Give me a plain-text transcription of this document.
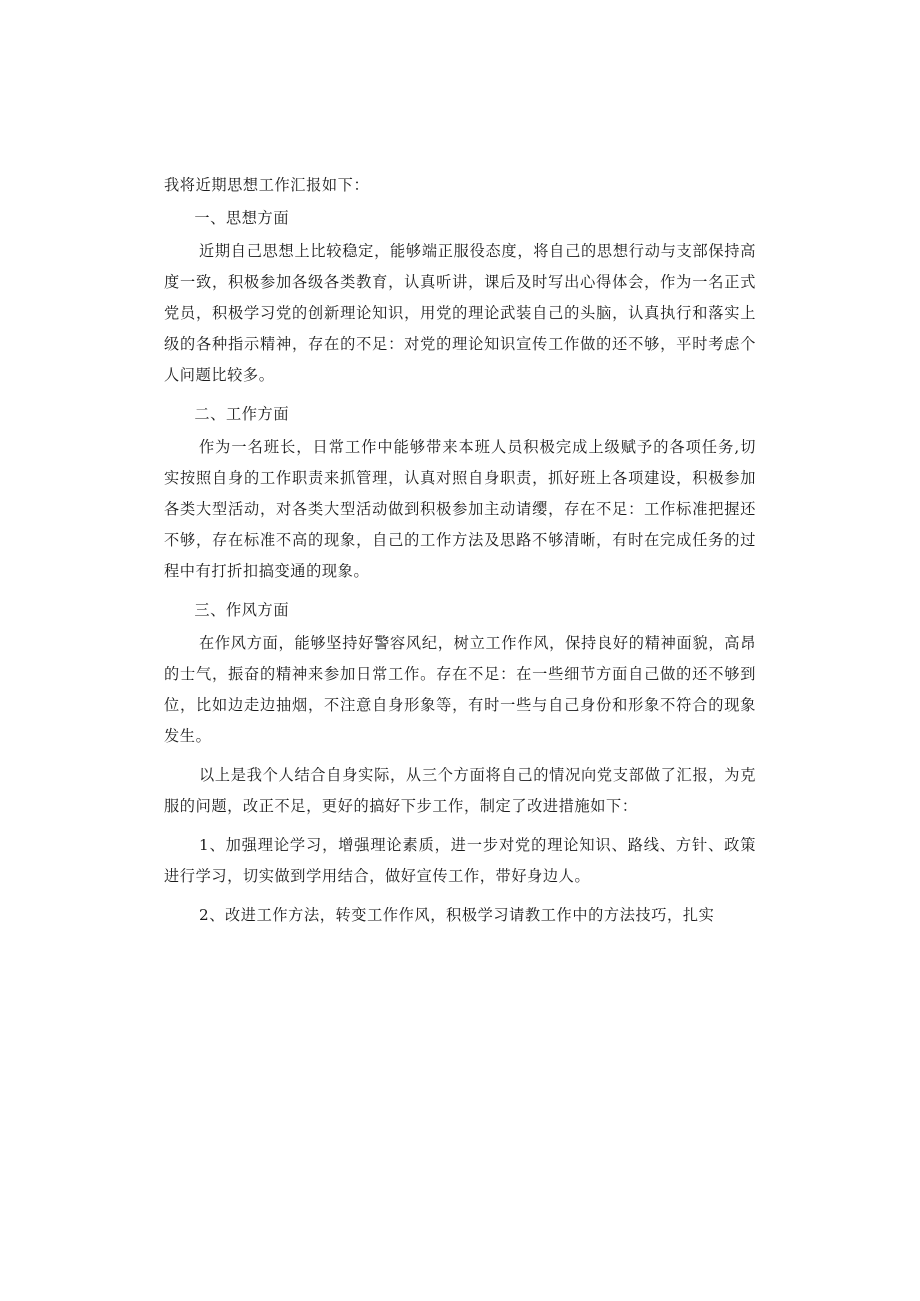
我将近期思想工作汇报如下：

一、思想方面

近期自己思想上比较稳定，能够端正服役态度，将自己的思想行动与支部保持高度一致，积极参加各级各类教育，认真听讲，课后及时写出心得体会，作为一名正式党员，积极学习党的创新理论知识，用党的理论武装自己的头脑，认真执行和落实上级的各种指示精神，存在的不足：对党的理论知识宣传工作做的还不够，平时考虑个人问题比较多。

二、工作方面

作为一名班长，日常工作中能够带来本班人员积极完成上级赋予的各项任务,切实按照自身的工作职责来抓管理，认真对照自身职责，抓好班上各项建设，积极参加各类大型活动，对各类大型活动做到积极参加主动请缨，存在不足：工作标准把握还不够，存在标准不高的现象，自己的工作方法及思路不够清晰，有时在完成任务的过程中有打折扣搞变通的现象。

三、作风方面

在作风方面，能够坚持好警容风纪，树立工作作风，保持良好的精神面貌，高昂的士气，振奋的精神来参加日常工作。存在不足：在一些细节方面自己做的还不够到位，比如边走边抽烟，不注意自身形象等，有时一些与自己身份和形象不符合的现象发生。

以上是我个人结合自身实际，从三个方面将自己的情况向党支部做了汇报，为克服的问题，改正不足，更好的搞好下步工作，制定了改进措施如下：

1、加强理论学习，增强理论素质，进一步对党的理论知识、路线、方针、政策进行学习，切实做到学用结合，做好宣传工作，带好身边人。

2、改进工作方法，转变工作作风，积极学习请教工作中的方法技巧，扎实
